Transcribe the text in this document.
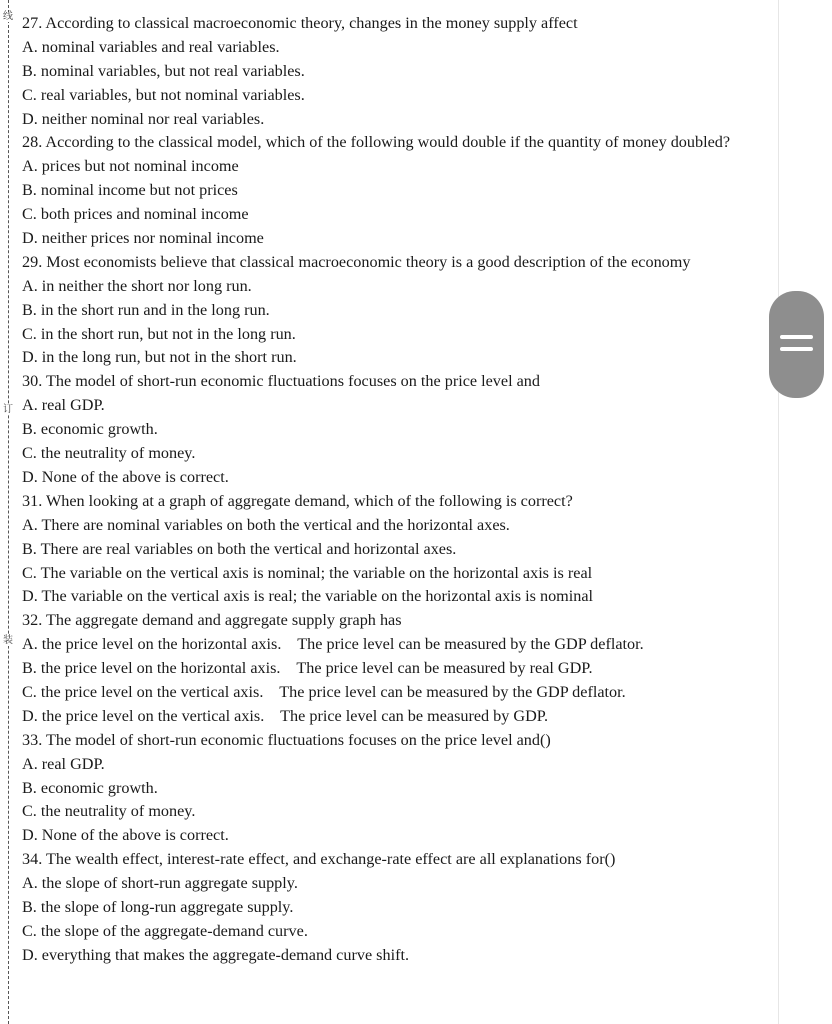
线
订
装
27. According to classical macroeconomic theory, changes in the money supply affect
A. nominal variables and real variables.
B. nominal variables, but not real variables.
C. real variables, but not nominal variables.
D. neither nominal nor real variables.
28. According to the classical model, which of the following would double if the quantity of money doubled?
A. prices but not nominal income
B. nominal income but not prices
C. both prices and nominal income
D. neither prices nor nominal income
29. Most economists believe that classical macroeconomic theory is a good description of the economy
A. in neither the short nor long run.
B. in the short run and in the long run.
C. in the short run, but not in the long run.
D. in the long run, but not in the short run.
30. The model of short-run economic fluctuations focuses on the price level and
A. real GDP.
B. economic growth.
C. the neutrality of money.
D. None of the above is correct.
31. When looking at a graph of aggregate demand, which of the following is correct?
A. There are nominal variables on both the vertical and the horizontal axes.
B. There are real variables on both the vertical and horizontal axes.
C. The variable on the vertical axis is nominal; the variable on the horizontal axis is real
D. The variable on the vertical axis is real; the variable on the horizontal axis is nominal
32. The aggregate demand and aggregate supply graph has
A. the price level on the horizontal axis.    The price level can be measured by the GDP deflator.
B. the price level on the horizontal axis.    The price level can be measured by real GDP.
C. the price level on the vertical axis.    The price level can be measured by the GDP deflator.
D. the price level on the vertical axis.    The price level can be measured by GDP.
33. The model of short-run economic fluctuations focuses on the price level and()
A. real GDP.
B. economic growth.
C. the neutrality of money.
D. None of the above is correct.
34. The wealth effect, interest-rate effect, and exchange-rate effect are all explanations for()
A. the slope of short-run aggregate supply.
B. the slope of long-run aggregate supply.
C. the slope of the aggregate-demand curve.
D. everything that makes the aggregate-demand curve shift.
